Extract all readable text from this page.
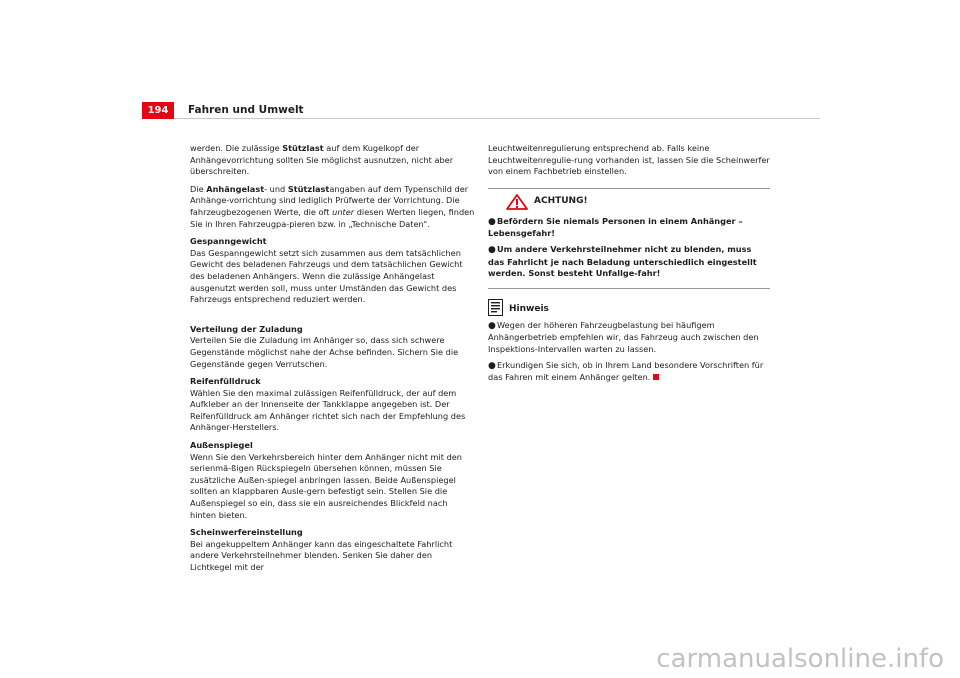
194	Fahren und Umwelt

werden. Die zulässige Stützlast auf dem Kugelkopf der Anhängevorrichtung sollten Sie möglichst ausnutzen, nicht aber überschreiten.

Die Anhängelast- und Stützlastangaben auf dem Typenschild der Anhänge-vorrichtung sind lediglich Prüfwerte der Vorrichtung. Die fahrzeugbezogenen Werte, die oft unter diesen Werten liegen, finden Sie in Ihren Fahrzeugpa-pieren bzw. in „Technische Daten“.

Gespanngewicht

Das Gespanngewicht setzt sich zusammen aus dem tatsächlichen Gewicht des beladenen Fahrzeugs und dem tatsächlichen Gewicht des beladenen Anhängers. Wenn die zulässige Anhängelast ausgenutzt werden soll, muss unter Umständen das Gewicht des Fahrzeugs entsprechend reduziert werden.

Verteilung der Zuladung

Verteilen Sie die Zuladung im Anhänger so, dass sich schwere Gegenstände möglichst nahe der Achse befinden. Sichern Sie die Gegenstände gegen Verrutschen.

Reifenfülldruck

Wählen Sie den maximal zulässigen Reifenfülldruck, der auf dem Aufkleber an der Innenseite der Tankklappe angegeben ist. Der Reifenfülldruck am Anhänger richtet sich nach der Empfehlung des Anhänger-Herstellers.

Außenspiegel

Wenn Sie den Verkehrsbereich hinter dem Anhänger nicht mit den serienmä-ßigen Rückspiegeln übersehen können, müssen Sie zusätzliche Außen-spiegel anbringen lassen. Beide Außenspiegel sollten an klappbaren Ausle-gern befestigt sein. Stellen Sie die Außenspiegel so ein, dass sie ein ausreichendes Blickfeld nach hinten bieten.

Scheinwerfereinstellung

Bei angekuppeltem Anhänger kann das eingeschaltete Fahrlicht andere Verkehrsteilnehmer blenden. Senken Sie daher den Lichtkegel mit der

Leuchtweitenregulierung entsprechend ab. Falls keine Leuchtweitenregulie-rung vorhanden ist, lassen Sie die Scheinwerfer von einem Fachbetrieb einstellen.

ACHTUNG!

●Befördern Sie niemals Personen in einem Anhänger – Lebensgefahr!

●Um andere Verkehrsteilnehmer nicht zu blenden, muss das Fahrlicht je nach Beladung unterschiedlich eingestellt werden. Sonst besteht Unfallge-fahr!

Hinweis

●Wegen der höheren Fahrzeugbelastung bei häufigem Anhängerbetrieb empfehlen wir, das Fahrzeug auch zwischen den Inspektions-Intervallen warten zu lassen.

●Erkundigen Sie sich, ob in Ihrem Land besondere Vorschriften für das Fahren mit einem Anhänger gelten.

carmanualsonline.info
